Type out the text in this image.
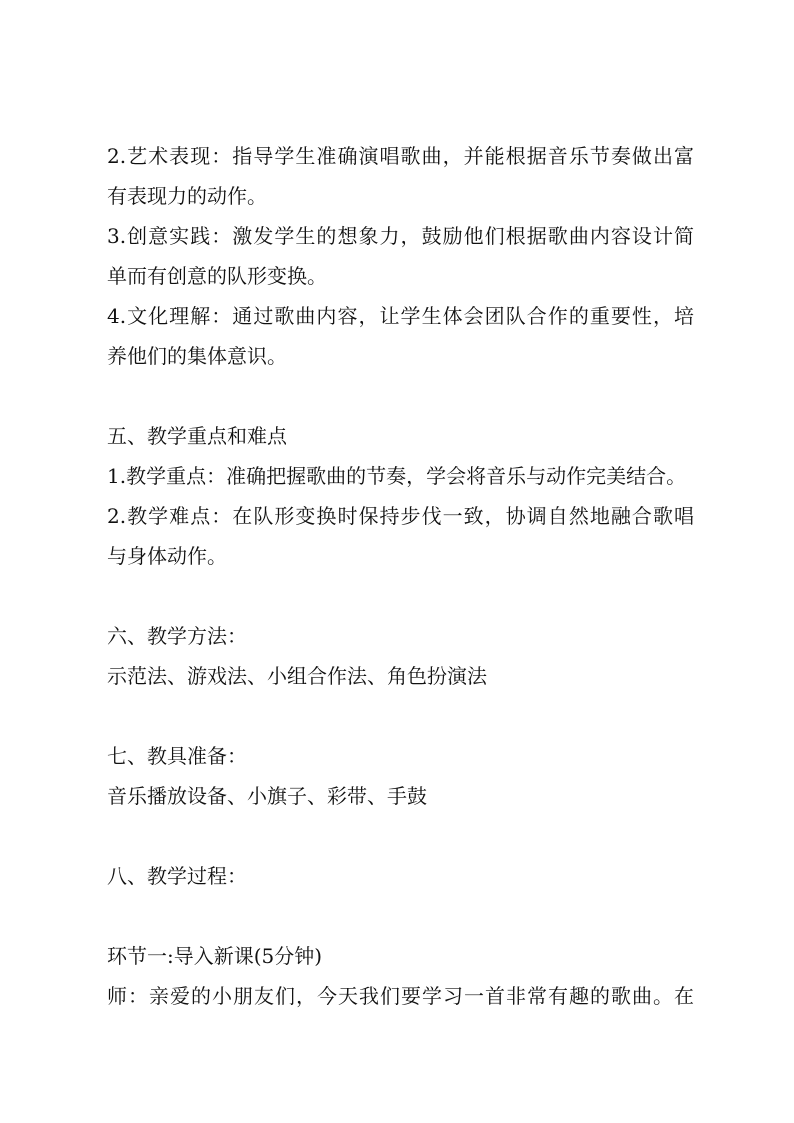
2.艺术表现：指导学生准确演唱歌曲，并能根据音乐节奏做出富
有表现力的动作。
3.创意实践：激发学生的想象力，鼓励他们根据歌曲内容设计简
单而有创意的队形变换。
4.文化理解：通过歌曲内容，让学生体会团队合作的重要性，培
养他们的集体意识。
五、教学重点和难点
1.教学重点：准确把握歌曲的节奏，学会将音乐与动作完美结合。
2.教学难点：在队形变换时保持步伐一致，协调自然地融合歌唱
与身体动作。
六、教学方法：
示范法、游戏法、小组合作法、角色扮演法
七、教具准备：
音乐播放设备、小旗子、彩带、手鼓
八、教学过程：
环节一:导入新课(5分钟)
师：亲爱的小朋友们，今天我们要学习一首非常有趣的歌曲。在
